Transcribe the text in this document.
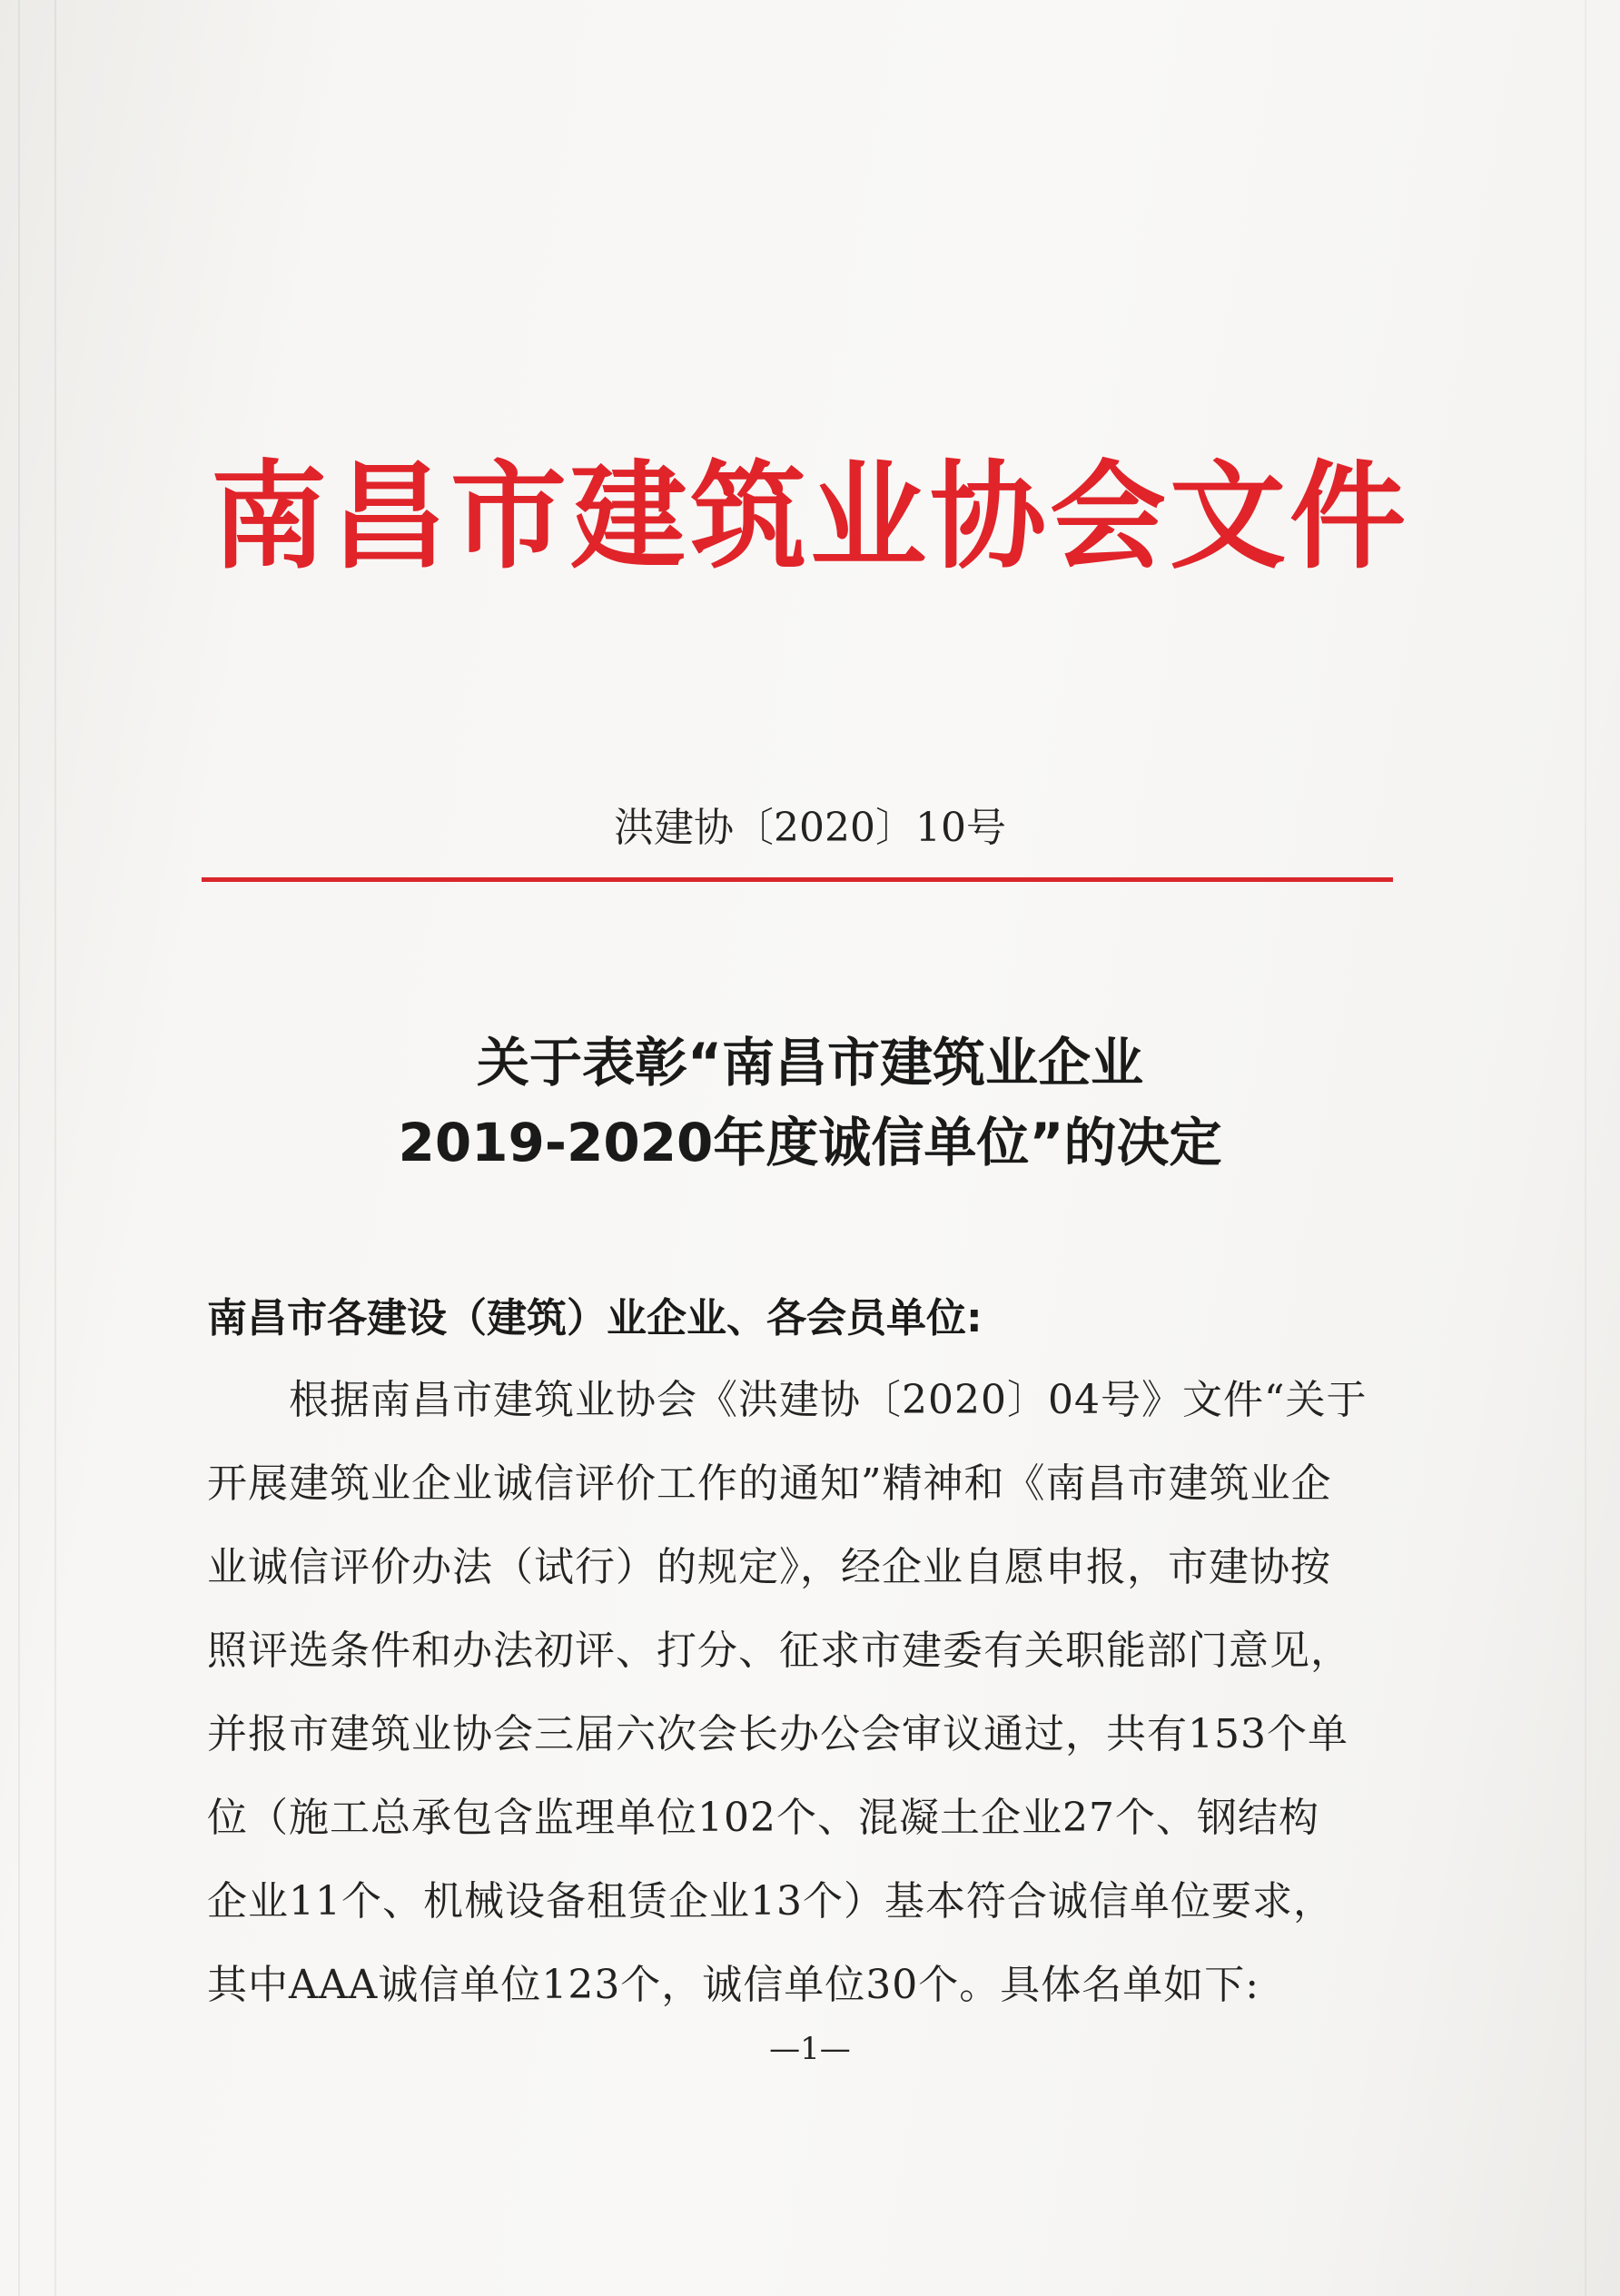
南昌市建筑业协会文件
洪建协〔2020〕10号
关于表彰“南昌市建筑业企业
2019-2020年度诚信单位”的决定
南昌市各建设（建筑）业企业、各会员单位:
　　根据南昌市建筑业协会《洪建协〔2020〕04号》文件“关于
开展建筑业企业诚信评价工作的通知”精神和《南昌市建筑业企
业诚信评价办法（试行）的规定》，经企业自愿申报，市建协按
照评选条件和办法初评、打分、征求市建委有关职能部门意见，
并报市建筑业协会三届六次会长办公会审议通过，共有153个单
位（施工总承包含监理单位102个、混凝土企业27个、钢结构
企业11个、机械设备租赁企业13个）基本符合诚信单位要求，
其中AAA诚信单位123个，诚信单位30个。具体名单如下:
—1—
